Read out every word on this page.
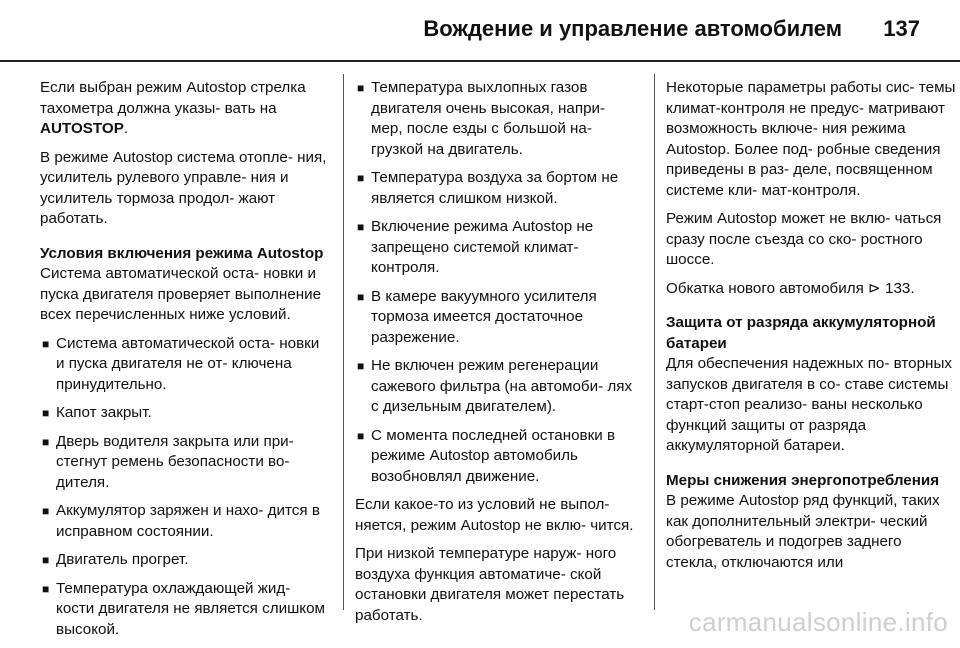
Вождение и управление автомобилем 137

Если выбран режим Autostop стрелка тахометра должна указы- вать на AUTOSTOP.

В режиме Autostop система отопле- ния, усилитель рулевого управле- ния и усилитель тормоза продол- жают работать.

Условия включения режима Autostop

Система автоматической оста- новки и пуска двигателя проверяет выполнение всех перечисленных ниже условий.

■ Система автоматической оста- новки и пуска двигателя не от- ключена принудительно.
■ Капот закрыт.
■ Дверь водителя закрыта или при- стегнут ремень безопасности во- дителя.
■ Аккумулятор заряжен и нахо- дится в исправном состоянии.
■ Двигатель прогрет.
■ Температура охлаждающей жид- кости двигателя не является слишком высокой.
■ Температура выхлопных газов двигателя очень высокая, напри- мер, после езды с большой на- грузкой на двигатель.
■ Температура воздуха за бортом не является слишком низкой.
■ Включение режима Autostop не запрещено системой климат- контроля.
■ В камере вакуумного усилителя тормоза имеется достаточное разрежение.
■ Не включен режим регенерации сажевого фильтра (на автомоби- лях с дизельным двигателем).
■ С момента последней остановки в режиме Autostop автомобиль возобновлял движение.

Если какое-то из условий не выпол- няется, режим Autostop не вклю- чится.

При низкой температуре наруж- ного воздуха функция автоматиче- ской остановки двигателя может перестать работать.

Некоторые параметры работы сис- темы климат-контроля не предус- матривают возможность включе- ния режима Autostop. Более под- робные сведения приведены в раз- деле, посвященном системе кли- мат-контроля.

Режим Autostop может не вклю- чаться сразу после съезда со ско- ростного шоссе.

Обкатка нового автомобиля ⊳ 133.

Защита от разряда аккумуляторной батареи

Для обеспечения надежных по- вторных запусков двигателя в со- ставе системы старт-стоп реализо- ваны несколько функций защиты от разряда аккумуляторной батареи.

Меры снижения энергопотребления

В режиме Autostop ряд функций, таких как дополнительный электри- ческий обогреватель и подогрев заднего стекла, отключаются или

carmanualsonline.info
